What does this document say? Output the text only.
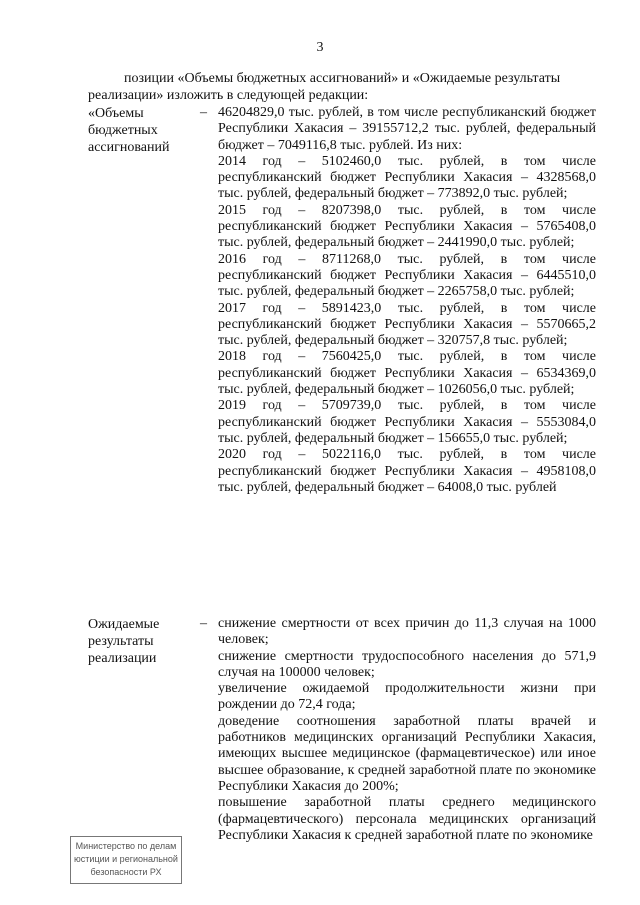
3
позиции «Объемы бюджетных ассигнований» и «Ожидаемые результаты
реализации» изложить в следующей редакции:
«Объемы бюджетных ассигнований
– 46204829,0 тыс. рублей, в том числе республиканский бюджет Республики Хакасия – 39155712,2 тыс. рублей, федеральный бюджет – 7049116,8 тыс. рублей. Из них:

2014 год – 5102460,0 тыс. рублей, в том числе республиканский бюджет Республики Хакасия – 4328568,0 тыс. рублей, федеральный бюджет – 773892,0 тыс. рублей;

2015 год – 8207398,0 тыс. рублей, в том числе республиканский бюджет Республики Хакасия – 5765408,0 тыс. рублей, федеральный бюджет – 2441990,0 тыс. рублей;

2016 год – 8711268,0 тыс. рублей, в том числе республиканский бюджет Республики Хакасия – 6445510,0 тыс. рублей, федеральный бюджет – 2265758,0 тыс. рублей;

2017 год – 5891423,0 тыс. рублей, в том числе республиканский бюджет Республики Хакасия – 5570665,2 тыс. рублей, федеральный бюджет – 320757,8 тыс. рублей;

2018 год – 7560425,0 тыс. рублей, в том числе республиканский бюджет Республики Хакасия – 6534369,0 тыс. рублей, федеральный бюджет – 1026056,0 тыс. рублей;

2019 год – 5709739,0 тыс. рублей, в том числе республиканский бюджет Республики Хакасия – 5553084,0 тыс. рублей, федеральный бюджет – 156655,0 тыс. рублей;

2020 год – 5022116,0 тыс. рублей, в том числе республиканский бюджет Республики Хакасия – 4958108,0 тыс. рублей, федеральный бюджет – 64008,0 тыс. рублей

Ожидаемые результаты реализации
– снижение смертности от всех причин до 11,3 случая на 1000 человек;

снижение смертности трудоспособного населения до 571,9 случая на 100000 человек;

увеличение ожидаемой продолжительности жизни при рождении до 72,4 года;

доведение соотношения заработной платы врачей и работников медицинских организаций Республики Хакасия, имеющих высшее медицинское (фармацевтическое) или иное высшее образование, к средней заработной плате по экономике Республики Хакасия до 200%;

повышение заработной платы среднего медицинского (фармацевтического) персонала медицинских организаций Республики Хакасия к средней заработной плате по экономике

Министерство по делам
юстиции и региональной
безопасности РХ
